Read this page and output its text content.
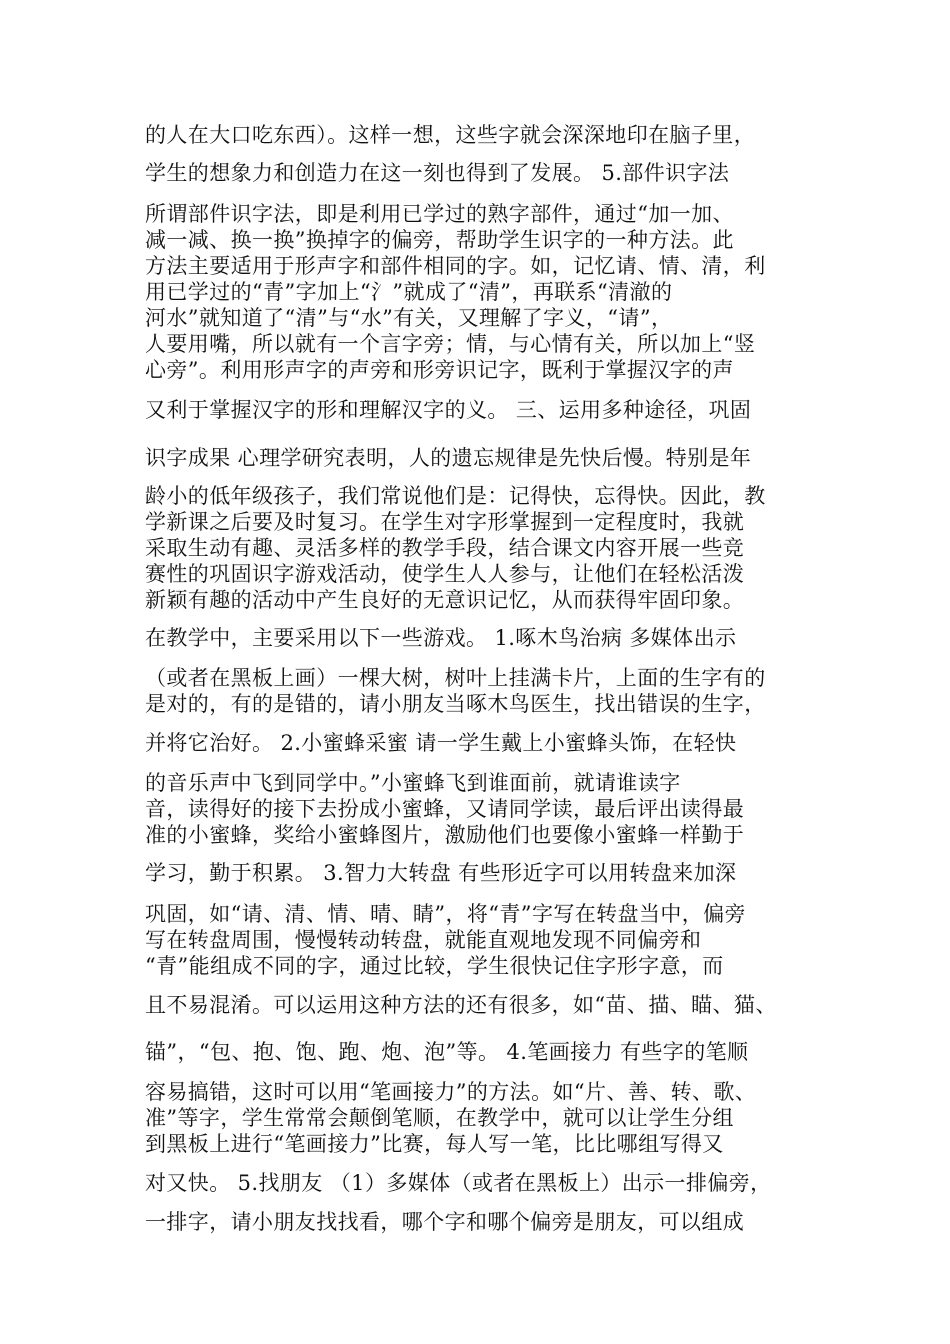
的人在大口吃东西）。这样一想，这些字就会深深地印在脑子里，
学生的想象力和创造力在这一刻也得到了发展。 5.部件识字法
所谓部件识字法，即是利用已学过的熟字部件，通过“加一加、
减一减、换一换”换掉字的偏旁，帮助学生识字的一种方法。此
方法主要适用于形声字和部件相同的字。如，记忆请、情、清，利
用已学过的“青”字加上“氵”就成了“清”，再联系“清澈的
河水”就知道了“清”与“水”有关，又理解了字义，“请”，
人要用嘴，所以就有一个言字旁；情，与心情有关，所以加上“竖
心旁”。利用形声字的声旁和形旁识记字，既利于掌握汉字的声
又利于掌握汉字的形和理解汉字的义。 三、运用多种途径，巩固
识字成果 心理学研究表明，人的遗忘规律是先快后慢。特别是年
龄小的低年级孩子，我们常说他们是：记得快，忘得快。因此，教
学新课之后要及时复习。在学生对字形掌握到一定程度时，我就
采取生动有趣、灵活多样的教学手段，结合课文内容开展一些竞
赛性的巩固识字游戏活动，使学生人人参与，让他们在轻松活泼
新颖有趣的活动中产生良好的无意识记忆，从而获得牢固印象。
在教学中，主要采用以下一些游戏。 1.啄木鸟治病 多媒体出示
（或者在黑板上画）一棵大树，树叶上挂满卡片，上面的生字有的
是对的，有的是错的，请小朋友当啄木鸟医生，找出错误的生字，
并将它治好。 2.小蜜蜂采蜜 请一学生戴上小蜜蜂头饰，在轻快
的音乐声中飞到同学中。”小蜜蜂飞到谁面前，就请谁读字
音，读得好的接下去扮成小蜜蜂，又请同学读，最后评出读得最
准的小蜜蜂，奖给小蜜蜂图片，激励他们也要像小蜜蜂一样勤于
学习，勤于积累。 3.智力大转盘 有些形近字可以用转盘来加深
巩固，如“请、清、情、晴、睛”，将“青”字写在转盘当中，偏旁
写在转盘周围，慢慢转动转盘，就能直观地发现不同偏旁和
“青”能组成不同的字，通过比较，学生很快记住字形字意，而
且不易混淆。可以运用这种方法的还有很多，如“苗、描、瞄、猫、
锚”，“包、抱、饱、跑、炮、泡”等。 4.笔画接力 有些字的笔顺
容易搞错，这时可以用“笔画接力”的方法。如“片、善、转、歌、
准”等字，学生常常会颠倒笔顺，在教学中，就可以让学生分组
到黑板上进行“笔画接力”比赛，每人写一笔，比比哪组写得又
对又快。 5.找朋友 （1）多媒体（或者在黑板上）出示一排偏旁，
一排字，请小朋友找找看，哪个字和哪个偏旁是朋友，可以组成
